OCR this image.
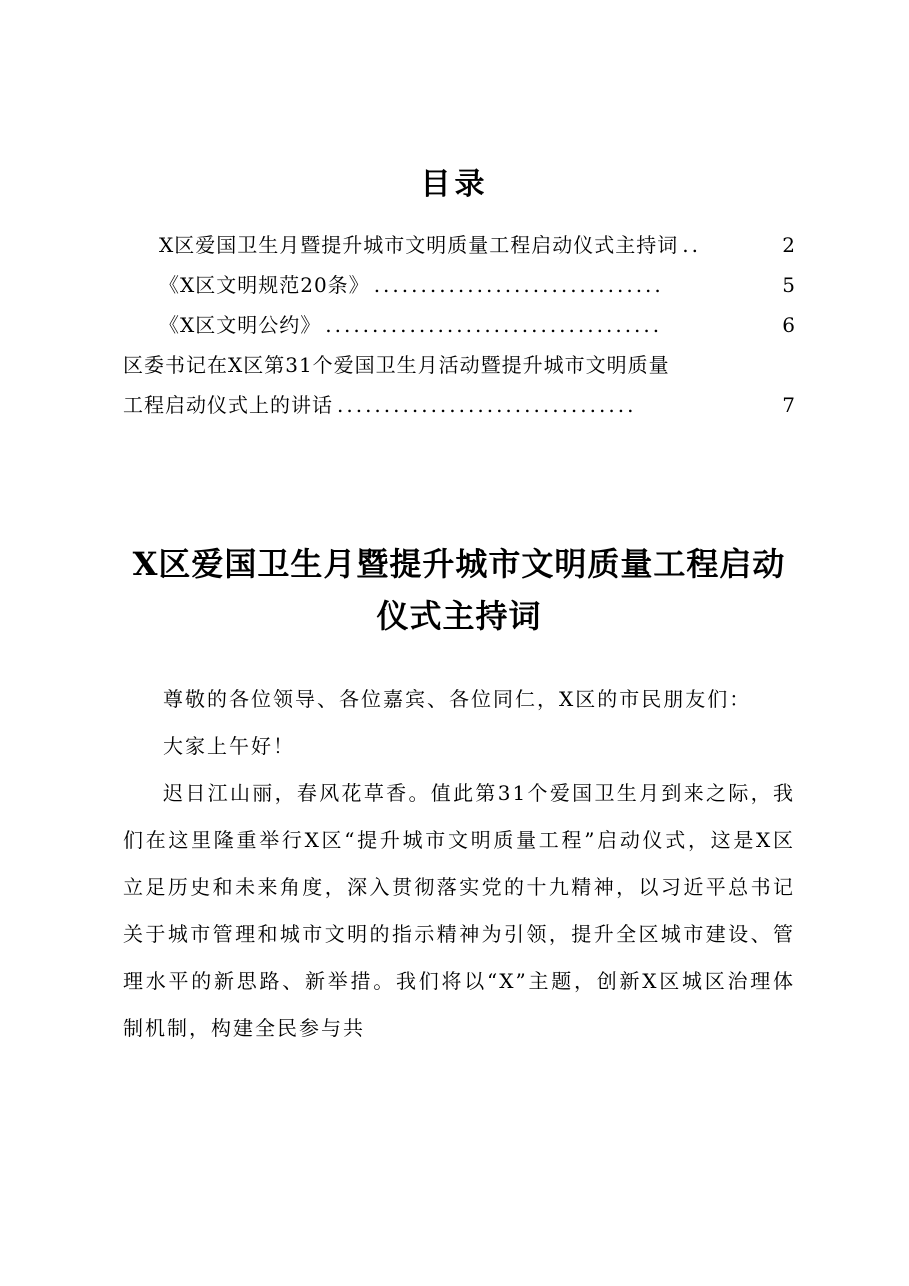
目录
X区爱国卫生月暨提升城市文明质量工程启动仪式主持词 ..	2
《X区文明规范20条》 ...............................	5
《X区文明公约》 ....................................	6
区委书记在X区第31个爱国卫生月活动暨提升城市文明质量
工程启动仪式上的讲话 ................................	7
X区爱国卫生月暨提升城市文明质量工程启动仪式主持词

尊敬的各位领导、各位嘉宾、各位同仁，X区的市民朋友们：

大家上午好！

迟日江山丽，春风花草香。值此第31个爱国卫生月到来之际，我们在这里隆重举行X区“提升城市文明质量工程”启动仪式，这是X区立足历史和未来角度，深入贯彻落实党的十九精神，以习近平总书记关于城市管理和城市文明的指示精神为引领，提升全区城市建设、管理水平的新思路、新举措。我们将以“X”主题，创新X区城区治理体制机制，构建全民参与共
